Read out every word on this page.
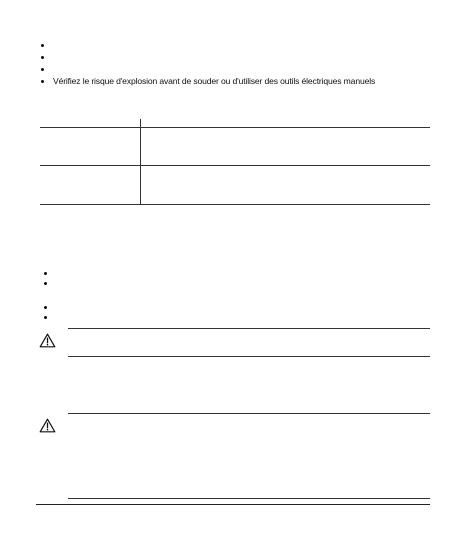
Vérifiez le risque d'explosion avant de souder ou d'utiliser des outils électriques manuels
